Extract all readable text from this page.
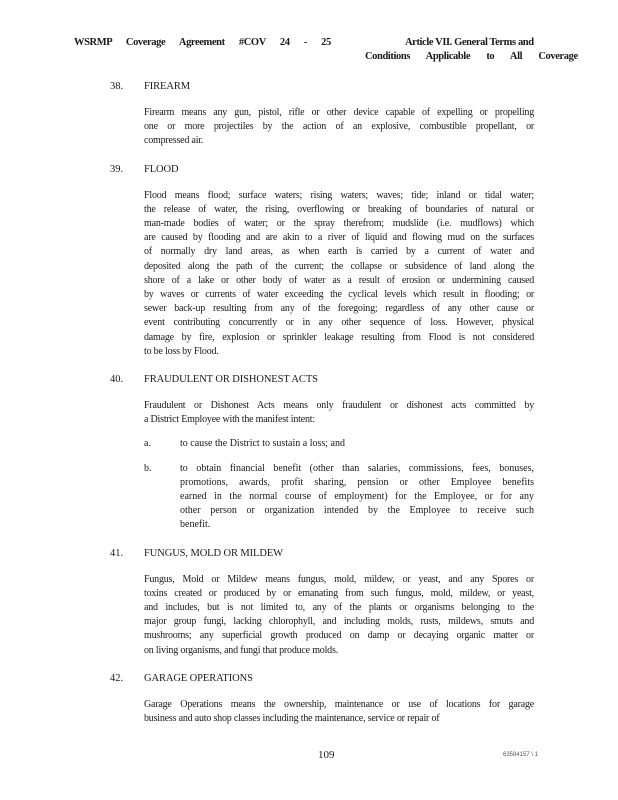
WSRMP Coverage Agreement #COV 24 - 25	Article VII. General Terms and
Conditions Applicable to All Coverage
38.	FIREARM
Firearm means any gun, pistol, rifle or other device capable of expelling or propelling
one or more projectiles by the action of an explosive, combustible propellant, or
compressed air.
39.	FLOOD
Flood means flood; surface waters; rising waters; waves; tide; inland or tidal water;
the release of water, the rising, overflowing or breaking of boundaries of natural or
man-made bodies of water; or the spray therefrom; mudslide (i.e. mudflows) which
are caused by flooding and are akin to a river of liquid and flowing mud on the surfaces
of normally dry land areas, as when earth is carried by a current of water and
deposited along the path of the current; the collapse or subsidence of land along the
shore of a lake or other body of water as a result of erosion or undermining caused
by waves or currents of water exceeding the cyclical levels which result in flooding; or
sewer back-up resulting from any of the foregoing; regardless of any other cause or
event contributing concurrently or in any other sequence of loss. However, physical
damage by fire, explosion or sprinkler leakage resulting from Flood is not considered
to be loss by Flood.
40.	FRAUDULENT OR DISHONEST ACTS
Fraudulent or Dishonest Acts means only fraudulent or dishonest acts committed by
a District Employee with the manifest intent:
a.	to cause the District to sustain a loss; and
b.	to obtain financial benefit (other than salaries, commissions, fees, bonuses,
promotions, awards, profit sharing, pension or other Employee benefits
earned in the normal course of employment) for the Employee, or for any
other person or organization intended by the Employee to receive such
benefit.
41.	FUNGUS, MOLD OR MILDEW
Fungus, Mold or Mildew means fungus, mold, mildew, or yeast, and any Spores or
toxins created or produced by or emanating from such fungus, mold, mildew, or yeast,
and includes, but is not limited to, any of the plants or organisms belonging to the
major group fungi, lacking chlorophyll, and including molds, rusts, mildews, smuts and
mushrooms; any superficial growth produced on damp or decaying organic matter or
on living organisms, and fungi that produce molds.
42.	GARAGE OPERATIONS
Garage Operations means the ownership, maintenance or use of locations for garage
business and auto shop classes including the maintenance, service or repair of
109	63584157 \ 1
